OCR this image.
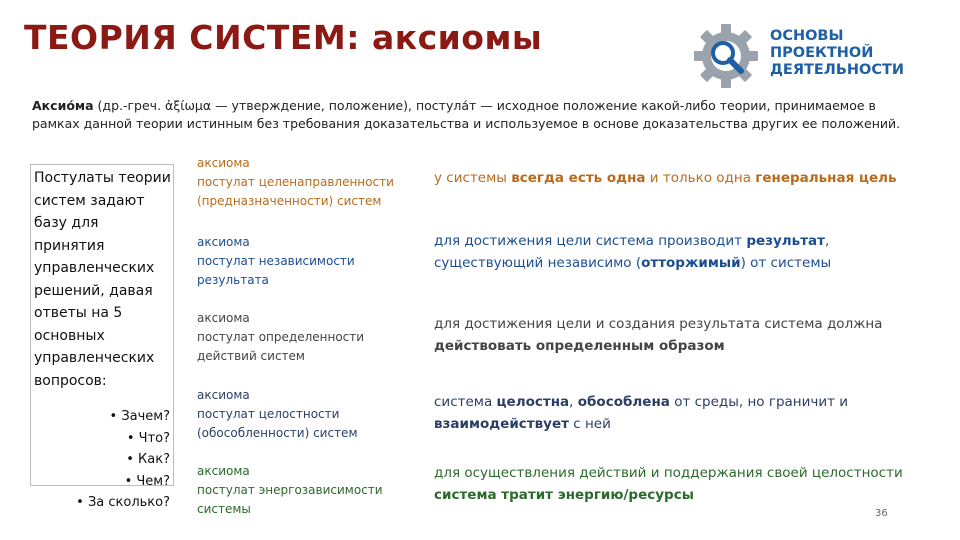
ТЕОРИЯ СИСТЕМ: аксиомы	ОСНОВЫ
ПРОЕКТНОЙ
ДЕЯТЕЛЬНОСТИ
Аксио́ма (др.-греч. ἀξίωμα — утверждение, положение), постула́т — исходное положение какой-либо теории, принимаемое в рамках данной теории истинным без требования доказательства и используемое в основе доказательства других ее положений.
Постулаты теории систем задают базу для принятия управленческих решений, давая ответы на 5 основных управленческих вопросов:
• Зачем?
• Что?
• Как?
• Чем?
• За сколько?
аксиома
постулат целенаправленности (предназначенности) систем
у системы всегда есть одна и только одна генеральная цель
аксиома
постулат независимости результата
для достижения цели система производит результат, существующий независимо (отторжимый) от системы
аксиома
постулат определенности действий систем
для достижения цели и создания результата система должна действовать определенным образом
аксиома
постулат целостности (обособленности) систем
система целостна, обособлена от среды, но граничит и взаимодействует с ней
аксиома
постулат энергозависимости системы
для осуществления действий и поддержания своей целостности система тратит энергию/ресурсы
36
